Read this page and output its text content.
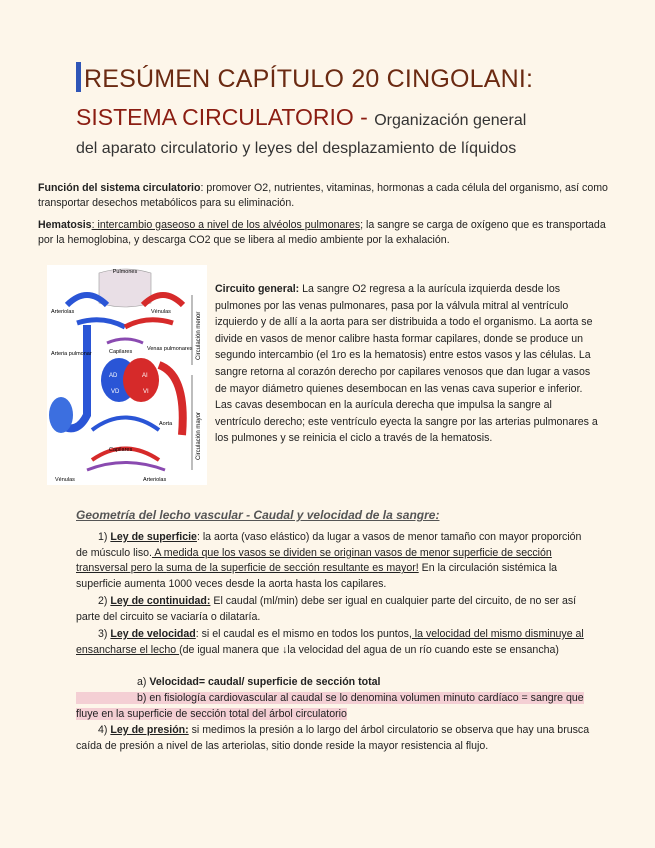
RESÚMEN CAPÍTULO 20 CINGOLANI:
SISTEMA CIRCULATORIO - Organización general
del aparato circulatorio y leyes del desplazamiento de líquidos
Función del sistema circulatorio: promover O2, nutrientes, vitaminas, hormonas a cada célula del organismo, así como transportar desechos metabólicos para su eliminación.
Hematosis: intercambio gaseoso a nivel de los alvéolos pulmonares; la sangre se carga de oxígeno que es transportada por la hemoglobina, y descarga CO2 que se libera al medio ambiente por la exhalación.
Pulmones
Arteriolas	Vénulas
Arteria pulmonar	Capilares	Venas pulmonares
AD	AI
VD	VI
Aorta
Capilares
Vénulas	Arteriolas
Circulación menor
Circulación mayor
Circuito general: La sangre O2 regresa a la aurícula izquierda desde los pulmones por las venas pulmonares, pasa por la válvula mitral al ventrículo izquierdo y de allí a la aorta para ser distribuida a todo el organismo. La aorta se divide en vasos de menor calibre hasta formar capilares, donde se produce un segundo intercambio (el 1ro es la hematosis) entre estos vasos y las células. La sangre retorna al corazón derecho por capilares venosos que dan lugar a vasos de mayor diámetro quienes desembocan en las venas cava superior e inferior. Las cavas desembocan en la aurícula derecha que impulsa la sangre al ventrículo derecho; este ventrículo eyecta la sangre por las arterias pulmonares a los pulmones y se reinicia el ciclo a través de la hematosis.
Geometría del lecho vascular - Caudal y velocidad de la sangre:
1) Ley de superficie: la aorta (vaso elástico) da lugar a vasos de menor tamaño con mayor proporción de músculo liso. A medida que los vasos se dividen se originan vasos de menor superficie de sección transversal pero la suma de la superficie de sección resultante es mayor! En la circulación sistémica la superficie aumenta 1000 veces desde la aorta hasta los capilares.
2) Ley de continuidad: El caudal (ml/min) debe ser igual en cualquier parte del circuito, de no ser así parte del circuito se vaciaría o dilataría.
3) Ley de velocidad: si el caudal es el mismo en todos los puntos, la velocidad del mismo disminuye al ensancharse el lecho (de igual manera que ↓la velocidad del agua de un río cuando este se ensancha)
a) Velocidad= caudal/ superficie de sección total
b) en fisiología cardiovascular al caudal se lo denomina volumen minuto cardíaco = sangre que fluye en la superficie de sección total del árbol circulatorio
4) Ley de presión: si medimos la presión a lo largo del árbol circulatorio se observa que hay una brusca caída de presión a nivel de las arteriolas, sitio donde reside la mayor resistencia al flujo.
